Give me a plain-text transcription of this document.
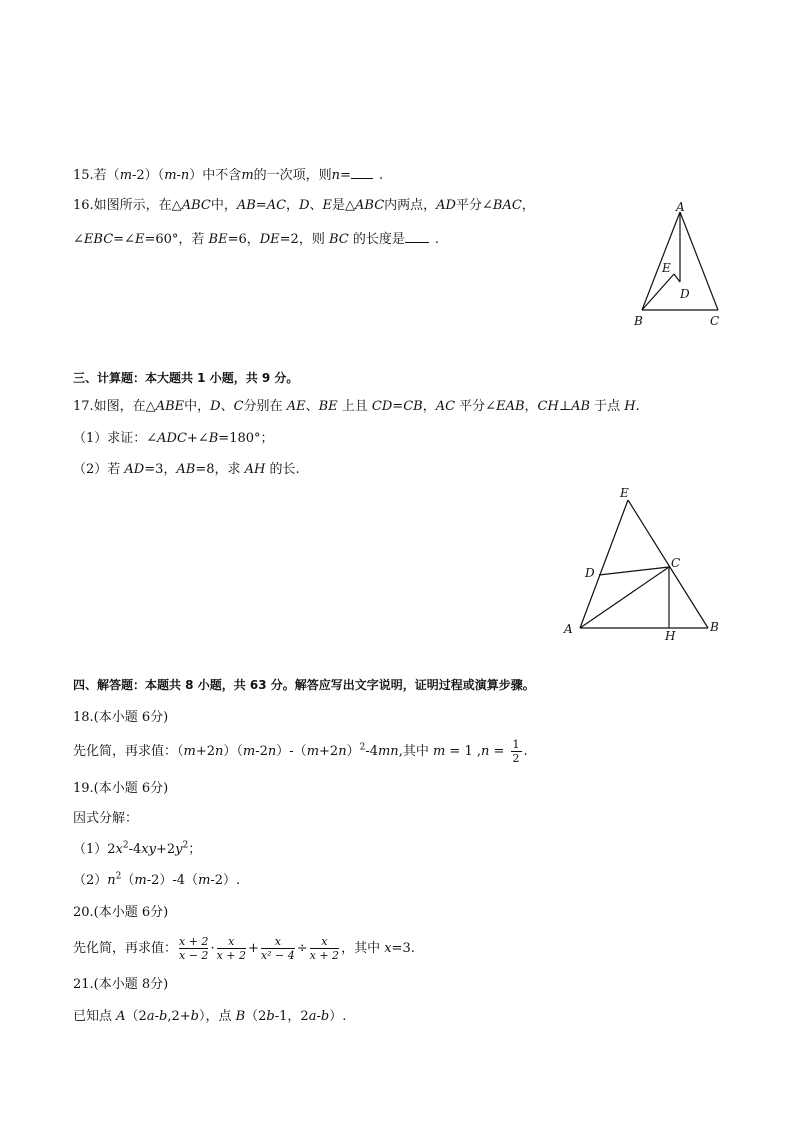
15.若（m-2）（m-n）中不含m的一次项，则n= .
16.如图所示，在△ABC中，AB=AC，D、E是△ABC内两点，AD平分∠BAC，
∠EBC=∠E=60°，若 BE=6，DE=2，则 BC 的长度是 .
A
B	C
D
E
三、计算题：本大题共 1 小题，共 9 分。
17.如图，在△ABE中，D、C分别在 AE、BE 上且 CD=CB，AC 平分∠EAB，CH⊥AB 于点 H.
（1）求证：∠ADC+∠B=180°；
（2）若 AD=3，AB=8，求 AH 的长.
E
D
C
A	B
H
四、解答题：本题共 8 小题，共 63 分。解答应写出文字说明，证明过程或演算步骤。
18.(本小题 6分)
先化简，再求值：$(m+2n)(m-2n)-(m+2n)^2-4mn$,其中 m = 1 $,n = \frac{1}{2}$ .
19.(本小题 6分)
因式分解：
$(1)2x^2-4xy+2y^2$；
$(2)n^2(m-2)-4(m-2)$.
20.(本小题 6分)
先化简，再求值： $\frac{x + 2}{x - 2} \cdot \frac{x}{x + 2} + \frac{x}{\text{x² − 4}} \div \frac{x}{x + 2}$ ，其中 x=3.
21.(本小题 8分)
已知点 A（2a-b,2+b），点 B（2b-1，2a-b）.
